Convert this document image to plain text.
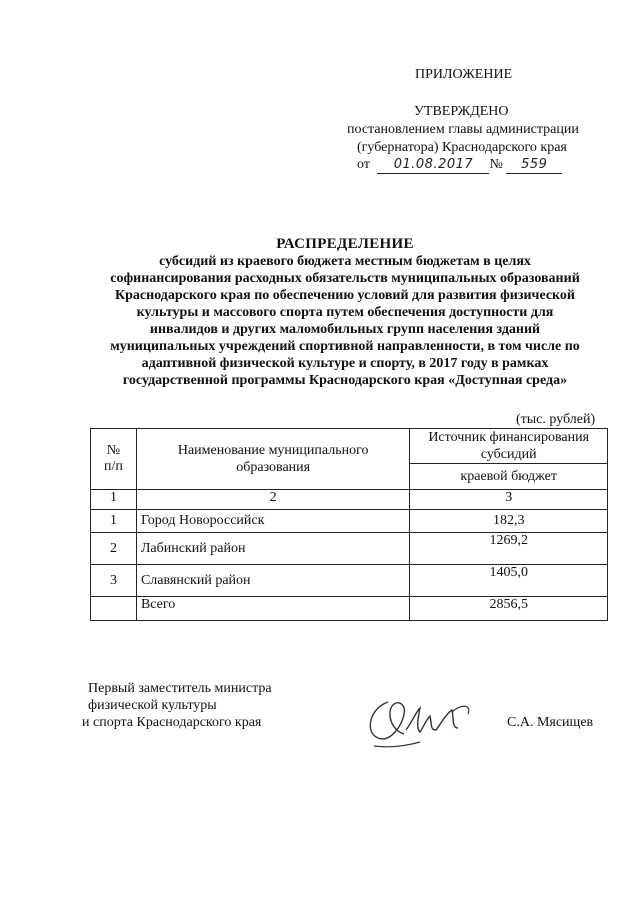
ПРИЛОЖЕНИЕ
УТВЕРЖДЕНО
постановлением главы администрации
(губернатора) Краснодарского края
от 01.08.2017 № 559
РАСПРЕДЕЛЕНИЕ
субсидий из краевого бюджета местным бюджетам в целях
софинансирования расходных обязательств муниципальных образований
Краснодарского края по обеспечению условий для развития физической
культуры и массового спорта путем обеспечения доступности для
инвалидов и других маломобильных групп населения зданий
муниципальных учреждений спортивной направленности, в том числе по
адаптивной физической культуре и спорту, в 2017 году в рамках
государственной программы Краснодарского края «Доступная среда»
(тыс. рублей)
№ п/п	Наименование муниципального образования	Источник финансирования субсидий
		краевой бюджет
1	2	3
1	Город Новороссийск	182,3
2	Лабинский район	1269,2
3	Славянский район	1405,0
	Всего	2856,5
Первый заместитель министра
физической культуры
и спорта Краснодарского края	С.А. Мясищев
